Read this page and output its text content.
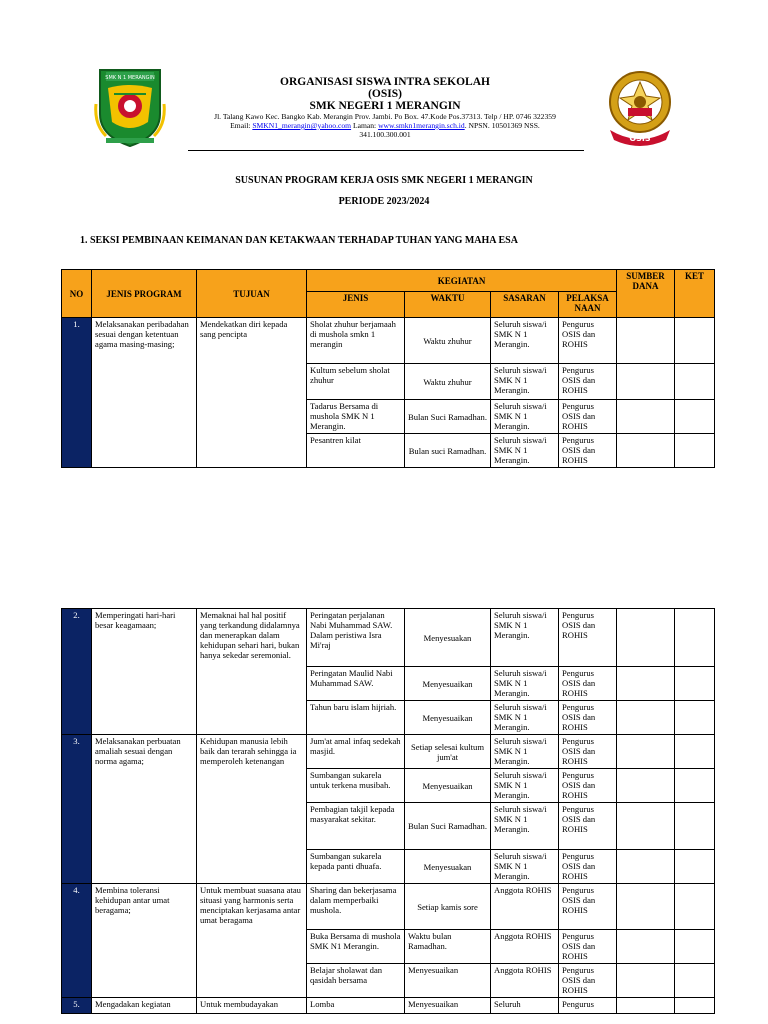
SMK N 1 MERANGIN
OSIS
ORGANISASI SISWA INTRA SEKOLAH
(OSIS)
SMK NEGERI 1 MERANGIN
Jl. Talang Kawo Kec. Bangko Kab. Merangin Prov. Jambi. Po Box. 47.Kode Pos.37313. Telp / HP. 0746 322359
Email: SMKN1_merangin@yahoo.com Laman: www.smkn1merangin.sch.id. NPSN. 10501369 NSS.
341.100.300.001
SUSUNAN PROGRAM KERJA OSIS SMK NEGERI 1 MERANGIN
PERIODE 2023/2024
1. SEKSI PEMBINAAN KEIMANAN DAN KETAKWAAN TERHADAP TUHAN YANG MAHA ESA
NO	JENIS PROGRAM	TUJUAN	KEGIATAN				SUMBER DANA	KET
			JENIS	WAKTU	SASARAN	PELAKSA NAAN		
1.	Melaksanakan peribadahan sesuai dengan ketentuan agama masing-masing;	Mendekatkan diri kepada sang pencipta	Sholat zhuhur berjamaah di mushola smkn 1 merangin	Waktu zhuhur	Seluruh siswa/i SMK N 1 Merangin.	Pengurus OSIS dan ROHIS		
			Kultum sebelum sholat zhuhur	Waktu zhuhur	Seluruh siswa/i SMK N 1 Merangin.	Pengurus OSIS dan ROHIS		
			Tadarus Bersama di mushola SMK N 1 Merangin.	Bulan Suci Ramadhan.	Seluruh siswa/i SMK N 1 Merangin.	Pengurus OSIS dan ROHIS		
			Pesantren kilat	Bulan suci Ramadhan.	Seluruh siswa/i SMK N 1 Merangin.	Pengurus OSIS dan ROHIS		
2.	Memperingati hari-hari besar keagamaan;	Memaknai hal hal positif yang terkandung didalamnya dan menerapkan dalam kehidupan sehari hari, bukan hanya sekedar seremonial.	Peringatan perjalanan Nabi Muhammad SAW. Dalam peristiwa Isra Mi'raj	Menyesuakan	Seluruh siswa/i SMK N 1 Merangin.	Pengurus OSIS dan ROHIS		
			Peringatan Maulid Nabi Muhammad SAW.	Menyesuaikan	Seluruh siswa/i SMK N 1 Merangin.	Pengurus OSIS dan ROHIS		
			Tahun baru islam hijriah.	Menyesuaikan	Seluruh siswa/i SMK N 1 Merangin.	Pengurus OSIS dan ROHIS		
3.	Melaksanakan perbuatan amaliah sesuai dengan norma agama;	Kehidupan manusia lebih baik dan terarah sehingga ia memperoleh ketenangan	Jum'at amal infaq sedekah masjid.	Setiap selesai kultum jum'at	Seluruh siswa/i SMK N 1 Merangin.	Pengurus OSIS dan ROHIS		
			Sumbangan sukarela untuk terkena musibah.	Menyesuaikan	Seluruh siswa/i SMK N 1 Merangin.	Pengurus OSIS dan ROHIS		
			Pembagian takjil kepada masyarakat sekitar.	Bulan Suci Ramadhan.	Seluruh siswa/i SMK N 1 Merangin.	Pengurus OSIS dan ROHIS		
			Sumbangan sukarela kepada panti dhuafa.	Menyesuakan	Seluruh siswa/i SMK N 1 Merangin.	Pengurus OSIS dan ROHIS		
4.	Membina toleransi kehidupan antar umat beragama;	Untuk membuat suasana atau situasi yang harmonis serta menciptakan kerjasama antar umat beragama	Sharing dan bekerjasama dalam memperbaiki mushola.	Setiap kamis sore	Anggota ROHIS	Pengurus OSIS dan ROHIS		
			Buka Bersama di mushola SMK N1 Merangin.	Waktu bulan Ramadhan.	Anggota ROHIS	Pengurus OSIS dan ROHIS		
			Belajar sholawat dan qasidah bersama	Menyesuaikan	Anggota ROHIS	Pengurus OSIS dan ROHIS		
5.	Mengadakan kegiatan	Untuk membudayakan	Lomba	Menyesuaikan	Seluruh	Pengurus		
